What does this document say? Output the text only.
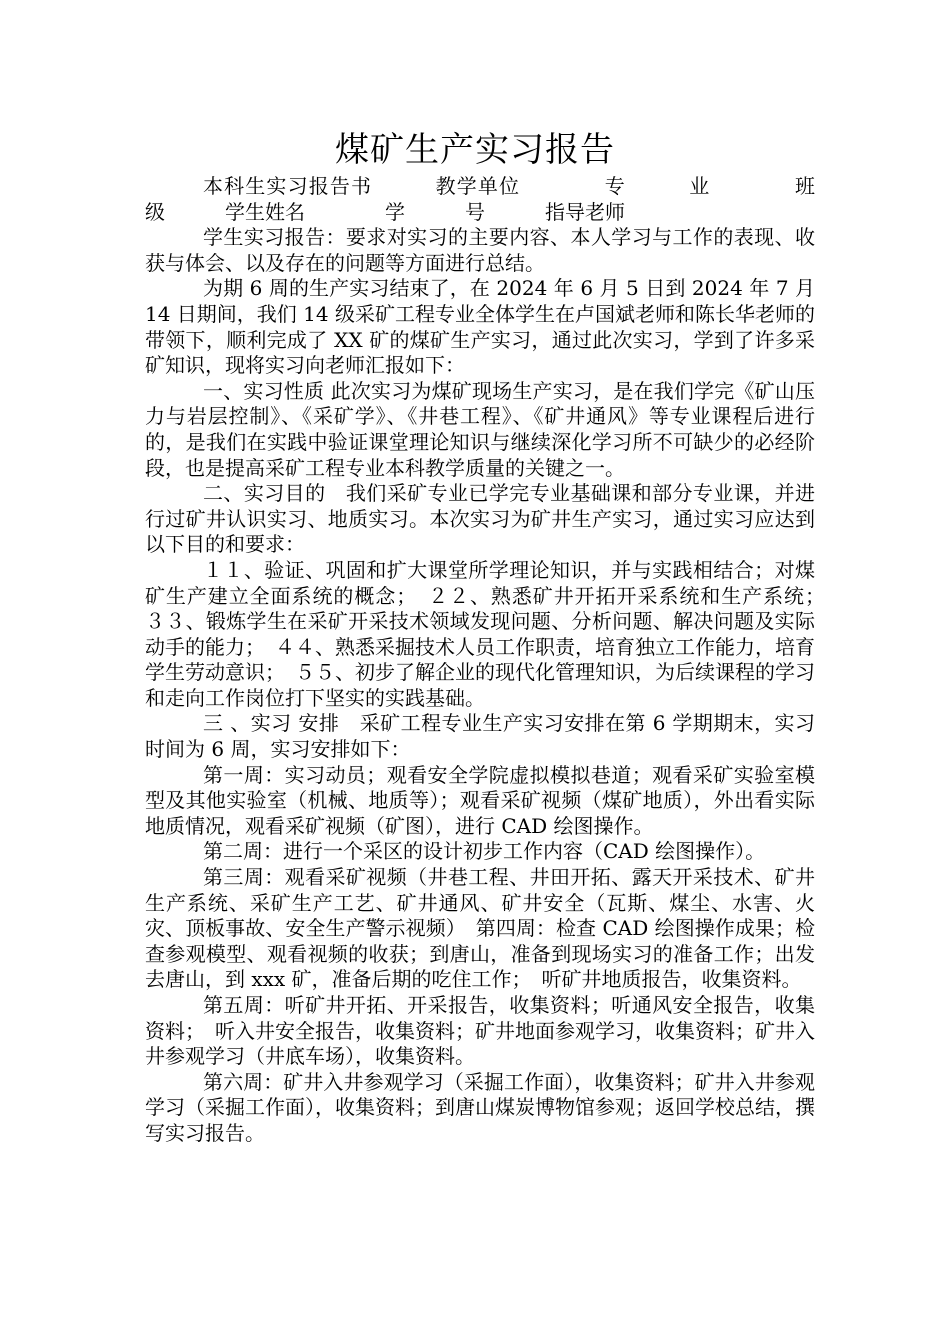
煤矿生产实习报告

本科生实习报告书　　　教学单位　　　　专　　　业　　　　班　　级　　　学生姓名　　　　学　　　号　　　指导老师

学生实习报告：要求对实习的主要内容、本人学习与工作的表现、收获与体会、以及存在的问题等方面进行总结。

为期 6 周的生产实习结束了，在 2024 年 6 月 5 日到 2024 年 7 月 14 日期间，我们 14 级采矿工程专业全体学生在卢国斌老师和陈长华老师的带领下，顺利完成了 XX 矿的煤矿生产实习，通过此次实习，学到了许多采矿知识，现将实习向老师汇报如下：

一、实习性质 此次实习为煤矿现场生产实习，是在我们学完《矿山压力与岩层控制》、《采矿学》、《井巷工程》、《矿井通风》等专业课程后进行的，是我们在实践中验证课堂理论知识与继续深化学习所不可缺少的必经阶段，也是提高采矿工程专业本科教学质量的关键之一。

二、实习目的　我们采矿专业已学完专业基础课和部分专业课，并进行过矿井认识实习、地质实习。本次实习为矿井生产实习，通过实习应达到以下目的和要求：

１１、验证、巩固和扩大课堂所学理论知识，并与实践相结合；对煤矿生产建立全面系统的概念；　２２、熟悉矿井开拓开采系统和生产系统；　　３３、锻炼学生在采矿开采技术领域发现问题、分析问题、解决问题及实际动手的能力；　４４、熟悉采掘技术人员工作职责，培育独立工作能力，培育学生劳动意识；　５５、初步了解企业的现代化管理知识，为后续课程的学习和走向工作岗位打下坚实的实践基础。

三 、实习 安排　采矿工程专业生产实习安排在第 6 学期期末，实习时间为 6 周，实习安排如下：

第一周：实习动员；观看安全学院虚拟模拟巷道；观看采矿实验室模型及其他实验室（机械、地质等）；观看采矿视频（煤矿地质），外出看实际地质情况，观看采矿视频（矿图），进行 CAD 绘图操作。

第二周：进行一个采区的设计初步工作内容（CAD 绘图操作）。

第三周：观看采矿视频（井巷工程、井田开拓、露天开采技术、矿井生产系统、采矿生产工艺、矿井通风、矿井安全（瓦斯、煤尘、水害、火灾、顶板事故、安全生产警示视频）　第四周：检查 CAD 绘图操作成果；检查参观模型、观看视频的收获；到唐山，准备到现场实习的准备工作；出发去唐山，到 xxx 矿，准备后期的吃住工作；　听矿井地质报告，收集资料。

第五周：听矿井开拓、开采报告，收集资料；听通风安全报告，收集资料；　听入井安全报告，收集资料；矿井地面参观学习，收集资料；矿井入井参观学习（井底车场），收集资料。

第六周：矿井入井参观学习（采掘工作面），收集资料；矿井入井参观学习（采掘工作面），收集资料；到唐山煤炭博物馆参观；返回学校总结，撰写实习报告。
